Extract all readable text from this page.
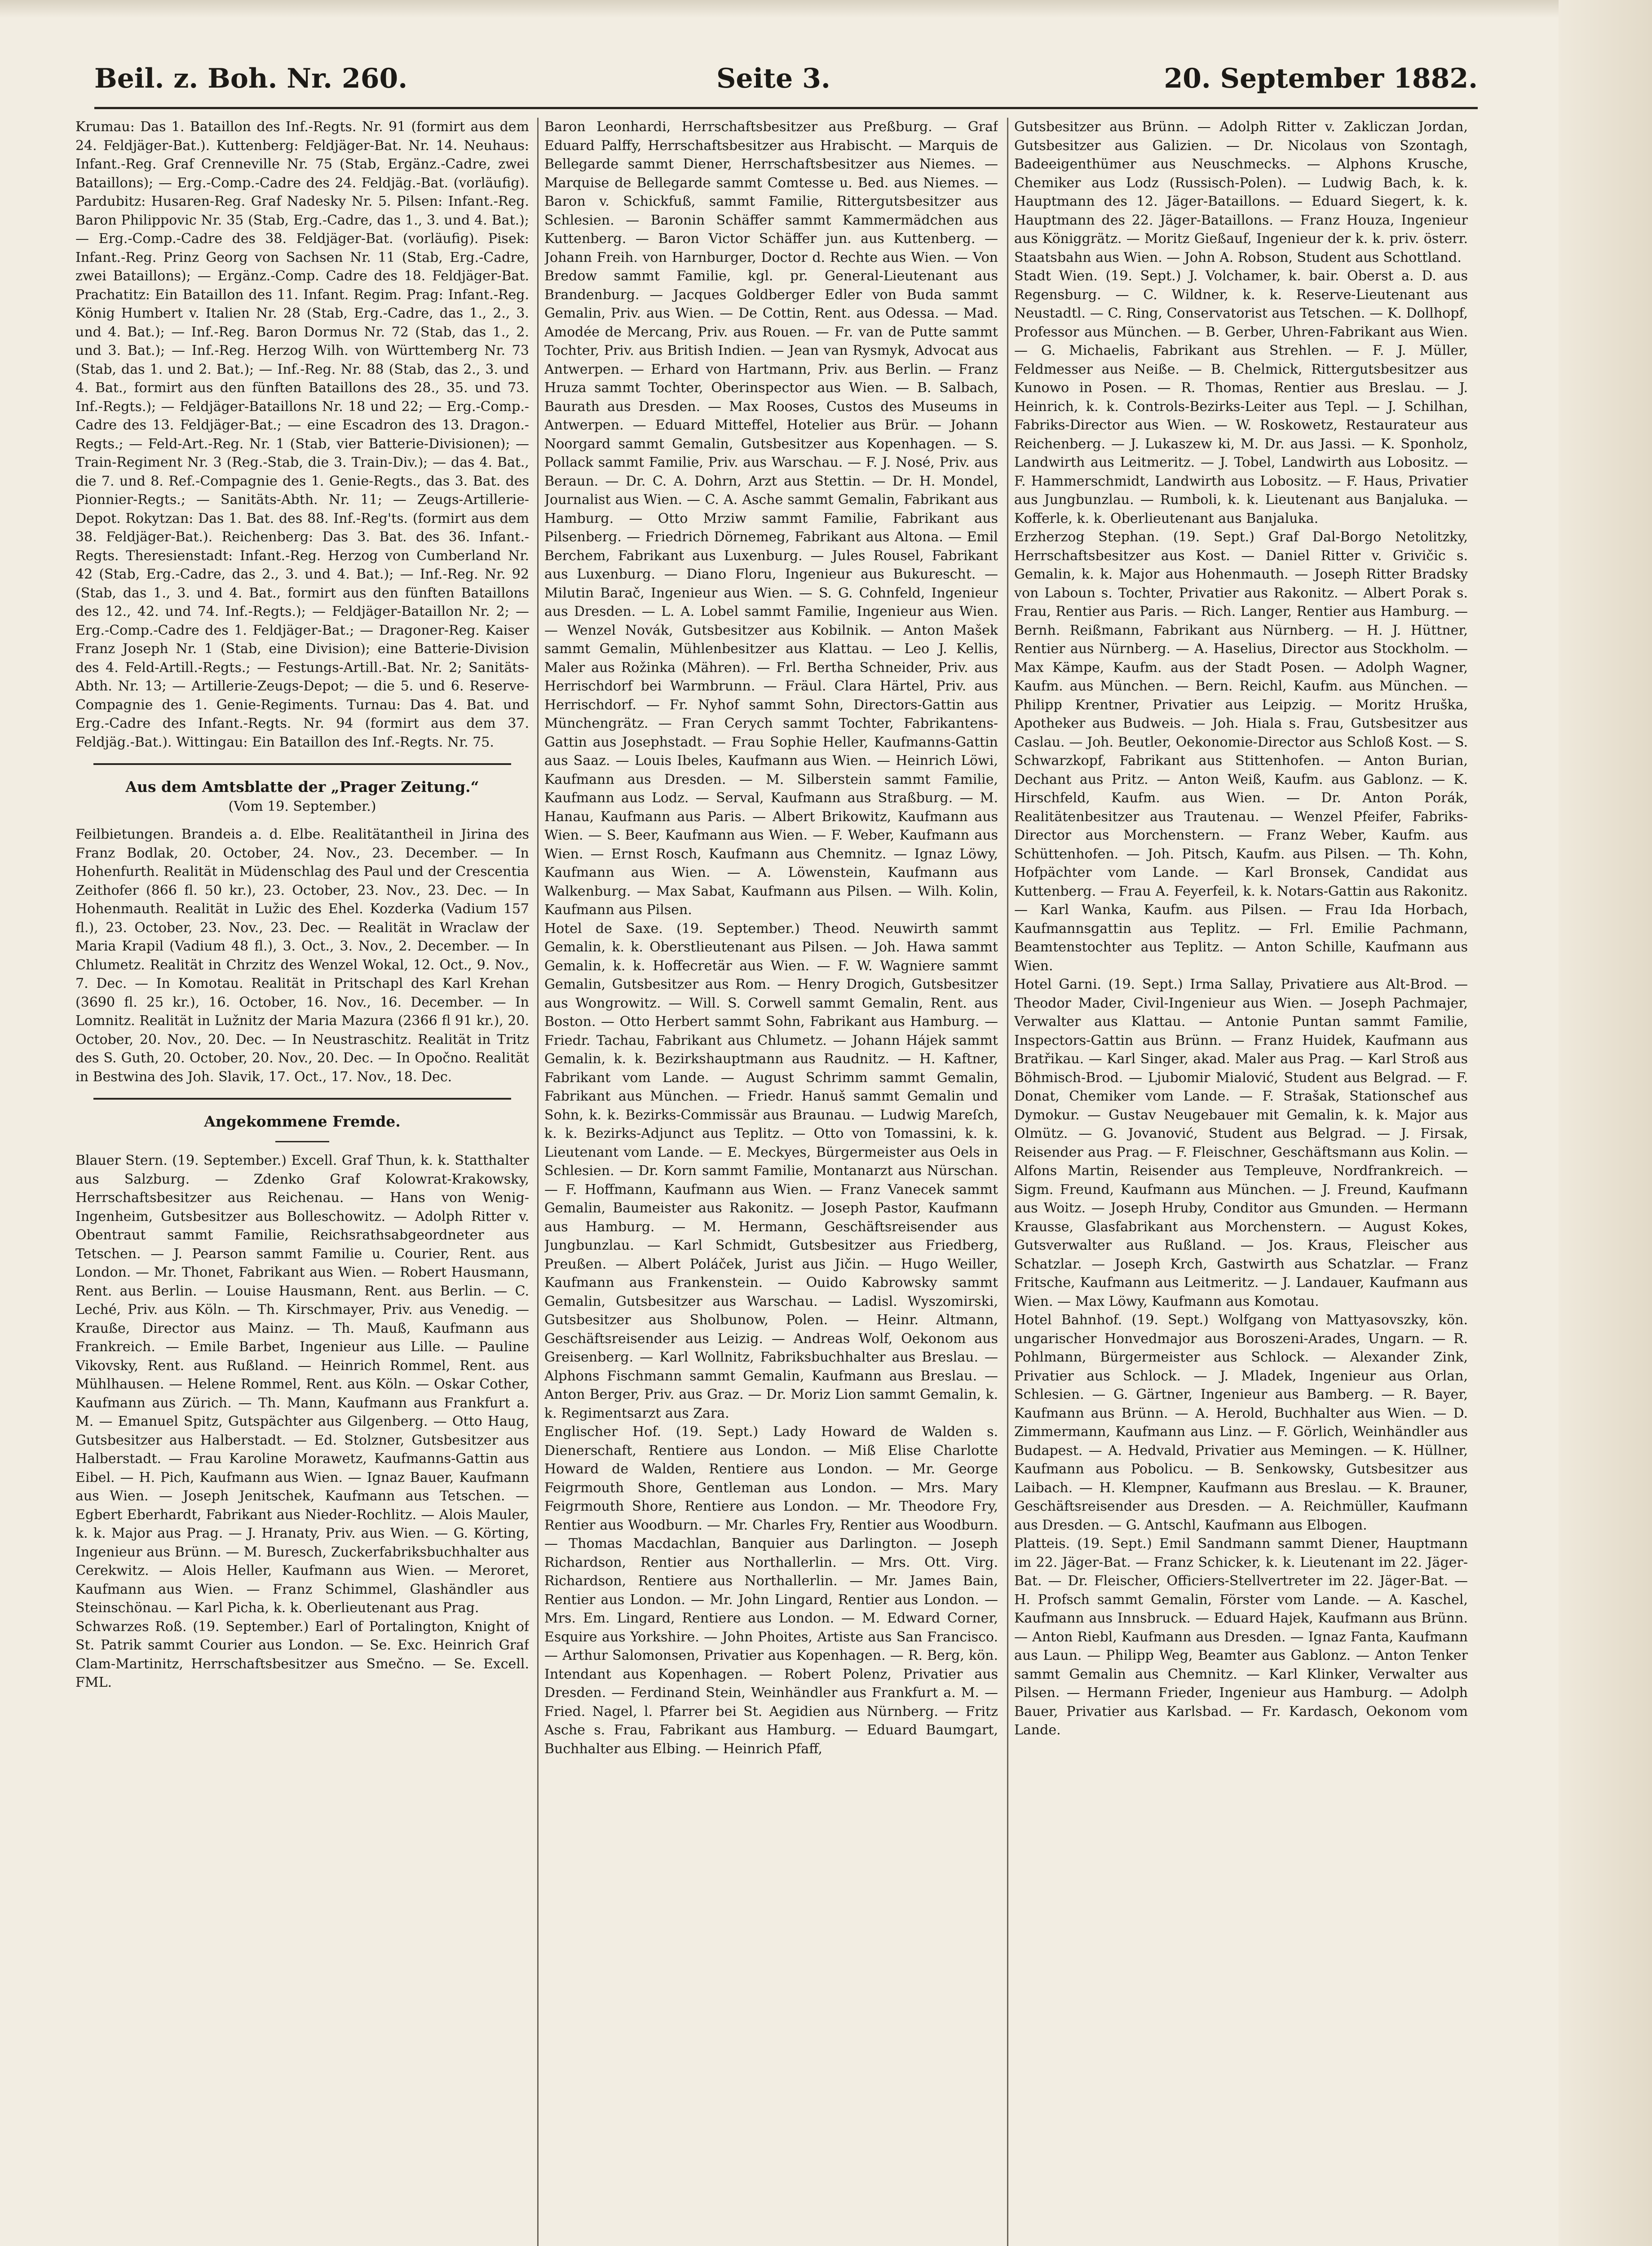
Beil. z. Boh. Nr. 260.	Seite 3.	20. September 1882.

Krumau: Das 1. Bataillon des Inf.-Regts. Nr. 91 (formirt aus dem 24. Feldjäger-Bat.). Kuttenberg: Feldjäger-Bat. Nr. 14. Neuhaus: Infant.-Reg. Graf Crenneville Nr. 75 (Stab, Ergänz.-Cadre, zwei Bataillons); — Erg.-Comp.-Cadre des 24. Feldjäg.-Bat. (vorläufig). Pardubitz: Husaren-Reg. Graf Nadesky Nr. 5. Pilsen: Infant.-Reg. Baron Philippovic Nr. 35 (Stab, Erg.-Cadre, das 1., 3. und 4. Bat.); — Erg.-Comp.-Cadre des 38. Feldjäger-Bat. (vorläufig). Pisek: Infant.-Reg. Prinz Georg von Sachsen Nr. 11 (Stab, Erg.-Cadre, zwei Bataillons); — Ergänz.-Comp. Cadre des 18. Feldjäger-Bat. Prachatitz: Ein Bataillon des 11. Infant. Regim. Prag: Infant.-Reg. König Humbert v. Italien Nr. 28 (Stab, Erg.-Cadre, das 1., 2., 3. und 4. Bat.); — Inf.-Reg. Baron Dormus Nr. 72 (Stab, das 1., 2. und 3. Bat.); — Inf.-Reg. Herzog Wilh. von Württemberg Nr. 73 (Stab, das 1. und 2. Bat.); — Inf.-Reg. Nr. 88 (Stab, das 2., 3. und 4. Bat., formirt aus den fünften Bataillons des 28., 35. und 73. Inf.-Regts.); — Feldjäger-Bataillons Nr. 18 und 22; — Erg.-Comp.-Cadre des 13. Feldjäger-Bat.; — eine Escadron des 13. Dragon.-Regts.; — Feld-Art.-Reg. Nr. 1 (Stab, vier Batterie-Divisionen); — Train-Regiment Nr. 3 (Reg.-Stab, die 3. Train-Div.); — das 4. Bat., die 7. und 8. Ref.-Compagnie des 1. Genie-Regts., das 3. Bat. des Pionnier-Regts.; — Sanitäts-Abth. Nr. 11; — Zeugs-Artillerie-Depot. Rokytzan: Das 1. Bat. des 88. Inf.-Reg'ts. (formirt aus dem 38. Feldjäger-Bat.). Reichenberg: Das 3. Bat. des 36. Infant.-Regts. Theresienstadt: Infant.-Reg. Herzog von Cumberland Nr. 42 (Stab, Erg.-Cadre, das 2., 3. und 4. Bat.); — Inf.-Reg. Nr. 92 (Stab, das 1., 3. und 4. Bat., formirt aus den fünften Bataillons des 12., 42. und 74. Inf.-Regts.); — Feldjäger-Bataillon Nr. 2; — Erg.-Comp.-Cadre des 1. Feldjäger-Bat.; — Dragoner-Reg. Kaiser Franz Joseph Nr. 1 (Stab, eine Division); eine Batterie-Division des 4. Feld-Artill.-Regts.; — Festungs-Artill.-Bat. Nr. 2; Sanitäts-Abth. Nr. 13; — Artillerie-Zeugs-Depot; — die 5. und 6. Reserve-Compagnie des 1. Genie-Regiments. Turnau: Das 4. Bat. und Erg.-Cadre des Infant.-Regts. Nr. 94 (formirt aus dem 37. Feldjäg.-Bat.). Wittingau: Ein Bataillon des Inf.-Regts. Nr. 75.

Aus dem Amtsblatte der „Prager Zeitung.“

(Vom 19. September.)

Feilbietungen. Brandeis a. d. Elbe. Realitätantheil in Jirina des Franz Bodlak, 20. October, 24. Nov., 23. December. — In Hohenfurth. Realität in Müdenschlag des Paul und der Crescentia Zeithofer (866 fl. 50 kr.), 23. October, 23. Nov., 23. Dec. — In Hohenmauth. Realität in Lužic des Ehel. Kozderka (Vadium 157 fl.), 23. October, 23. Nov., 23. Dec. — Realität in Wraclaw der Maria Krapil (Vadium 48 fl.), 3. Oct., 3. Nov., 2. December. — In Chlumetz. Realität in Chrzitz des Wenzel Wokal, 12. Oct., 9. Nov., 7. Dec. — In Komotau. Realität in Pritschapl des Karl Krehan (3690 fl. 25 kr.), 16. October, 16. Nov., 16. December. — In Lomnitz. Realität in Lužnitz der Maria Mazura (2366 fl 91 kr.), 20. October, 20. Nov., 20. Dec. — In Neustraschitz. Realität in Tritz des S. Guth, 20. October, 20. Nov., 20. Dec. — In Opočno. Realität in Bestwina des Joh. Slavik, 17. Oct., 17. Nov., 18. Dec.

Angekommene Fremde.

Blauer Stern. (19. September.) Excell. Graf Thun, k. k. Statthalter aus Salzburg. — Zdenko Graf Kolowrat-Krakowsky, Herrschaftsbesitzer aus Reichenau. — Hans von Wenig-Ingenheim, Gutsbesitzer aus Bolleschowitz. — Adolph Ritter v. Obentraut sammt Familie, Reichsrathsabgeordneter aus Tetschen. — J. Pearson sammt Familie u. Courier, Rent. aus London. — Mr. Thonet, Fabrikant aus Wien. — Robert Hausmann, Rent. aus Berlin. — Louise Hausmann, Rent. aus Berlin. — C. Leché, Priv. aus Köln. — Th. Kirschmayer, Priv. aus Venedig. — Krauße, Director aus Mainz. — Th. Mauß, Kaufmann aus Frankreich. — Emile Barbet, Ingenieur aus Lille. — Pauline Vikovsky, Rent. aus Rußland. — Heinrich Rommel, Rent. aus Mühlhausen. — Helene Rommel, Rent. aus Köln. — Oskar Cother, Kaufmann aus Zürich. — Th. Mann, Kaufmann aus Frankfurt a. M. — Emanuel Spitz, Gutspächter aus Gilgenberg. — Otto Haug, Gutsbesitzer aus Halberstadt. — Ed. Stolzner, Gutsbesitzer aus Halberstadt. — Frau Karoline Morawetz, Kaufmanns-Gattin aus Eibel. — H. Pich, Kaufmann aus Wien. — Ignaz Bauer, Kaufmann aus Wien. — Joseph Jenitschek, Kaufmann aus Tetschen. — Egbert Eberhardt, Fabrikant aus Nieder-Rochlitz. — Alois Mauler, k. k. Major aus Prag. — J. Hranaty, Priv. aus Wien. — G. Körting, Ingenieur aus Brünn. — M. Buresch, Zuckerfabriksbuchhalter aus Cerekwitz. — Alois Heller, Kaufmann aus Wien. — Meroret, Kaufmann aus Wien. — Franz Schimmel, Glashändler aus Steinschönau. — Karl Picha, k. k. Oberlieutenant aus Prag.

Schwarzes Roß. (19. September.) Earl of Portalington, Knight of St. Patrik sammt Courier aus London. — Se. Exc. Heinrich Graf Clam-Martinitz, Herrschaftsbesitzer aus Smečno. — Se. Excell. FML.

Baron Leonhardi, Herrschaftsbesitzer aus Preßburg. — Graf Eduard Palffy, Herrschaftsbesitzer aus Hrabischt. — Marquis de Bellegarde sammt Diener, Herrschaftsbesitzer aus Niemes. — Marquise de Bellegarde sammt Comtesse u. Bed. aus Niemes. — Baron v. Schickfuß, sammt Familie, Rittergutsbesitzer aus Schlesien. — Baronin Schäffer sammt Kammermädchen aus Kuttenberg. — Baron Victor Schäffer jun. aus Kuttenberg. — Johann Freih. von Harnburger, Doctor d. Rechte aus Wien. — Von Bredow sammt Familie, kgl. pr. General-Lieutenant aus Brandenburg. — Jacques Goldberger Edler von Buda sammt Gemalin, Priv. aus Wien. — De Cottin, Rent. aus Odessa. — Mad. Amodée de Mercang, Priv. aus Rouen. — Fr. van de Putte sammt Tochter, Priv. aus British Indien. — Jean van Rysmyk, Advocat aus Antwerpen. — Erhard von Hartmann, Priv. aus Berlin. — Franz Hruza sammt Tochter, Oberinspector aus Wien. — B. Salbach, Baurath aus Dresden. — Max Rooses, Custos des Museums in Antwerpen. — Eduard Mitteffel, Hotelier aus Brür. — Johann Noorgard sammt Gemalin, Gutsbesitzer aus Kopenhagen. — S. Pollack sammt Familie, Priv. aus Warschau. — F. J. Nosé, Priv. aus Beraun. — Dr. C. A. Dohrn, Arzt aus Stettin. — Dr. H. Mondel, Journalist aus Wien. — C. A. Asche sammt Gemalin, Fabrikant aus Hamburg. — Otto Mrziw sammt Familie, Fabrikant aus Pilsenberg. — Friedrich Dörnemeg, Fabrikant aus Altona. — Emil Berchem, Fabrikant aus Luxenburg. — Jules Rousel, Fabrikant aus Luxenburg. — Diano Floru, Ingenieur aus Bukurescht. — Milutin Barač, Ingenieur aus Wien. — S. G. Cohnfeld, Ingenieur aus Dresden. — L. A. Lobel sammt Familie, Ingenieur aus Wien. — Wenzel Novák, Gutsbesitzer aus Kobilnik. — Anton Mašek sammt Gemalin, Mühlenbesitzer aus Klattau. — Leo J. Kellis, Maler aus Rožinka (Mähren). — Frl. Bertha Schneider, Priv. aus Herrischdorf bei Warmbrunn. — Fräul. Clara Härtel, Priv. aus Herrischdorf. — Fr. Nyhof sammt Sohn, Directors-Gattin aus Münchengrätz. — Fran Cerych sammt Tochter, Fabrikantens-Gattin aus Josephstadt. — Frau Sophie Heller, Kaufmanns-Gattin aus Saaz. — Louis Ibeles, Kaufmann aus Wien. — Heinrich Löwi, Kaufmann aus Dresden. — M. Silberstein sammt Familie, Kaufmann aus Lodz. — Serval, Kaufmann aus Straßburg. — M. Hanau, Kaufmann aus Paris. — Albert Brikowitz, Kaufmann aus Wien. — S. Beer, Kaufmann aus Wien. — F. Weber, Kaufmann aus Wien. — Ernst Rosch, Kaufmann aus Chemnitz. — Ignaz Löwy, Kaufmann aus Wien. — A. Löwenstein, Kaufmann aus Walkenburg. — Max Sabat, Kaufmann aus Pilsen. — Wilh. Kolin, Kaufmann aus Pilsen.

Hotel de Saxe. (19. September.) Theod. Neuwirth sammt Gemalin, k. k. Oberstlieutenant aus Pilsen. — Joh. Hawa sammt Gemalin, k. k. Hoffecretär aus Wien. — F. W. Wagniere sammt Gemalin, Gutsbesitzer aus Rom. — Henry Drogich, Gutsbesitzer aus Wongrowitz. — Will. S. Corwell sammt Gemalin, Rent. aus Boston. — Otto Herbert sammt Sohn, Fabrikant aus Hamburg. — Friedr. Tachau, Fabrikant aus Chlumetz. — Johann Hájek sammt Gemalin, k. k. Bezirkshauptmann aus Raudnitz. — H. Kaftner, Fabrikant vom Lande. — August Schrimm sammt Gemalin, Fabrikant aus München. — Friedr. Hanuš sammt Gemalin und Sohn, k. k. Bezirks-Commissär aus Braunau. — Ludwig Mareſch, k. k. Bezirks-Adjunct aus Teplitz. — Otto von Tomassini, k. k. Lieutenant vom Lande. — E. Meckyes, Bürgermeister aus Oels in Schlesien. — Dr. Korn sammt Familie, Montanarzt aus Nürschan. — F. Hoffmann, Kaufmann aus Wien. — Franz Vanecek sammt Gemalin, Baumeister aus Rakonitz. — Joseph Pastor, Kaufmann aus Hamburg. — M. Hermann, Geschäftsreisender aus Jungbunzlau. — Karl Schmidt, Gutsbesitzer aus Friedberg, Preußen. — Albert Poláček, Jurist aus Jičin. — Hugo Weiller, Kaufmann aus Frankenstein. — Ouido Kabrowsky sammt Gemalin, Gutsbesitzer aus Warschau. — Ladisl. Wyszomirski, Gutsbesitzer aus Sholbunow, Polen. — Heinr. Altmann, Geschäftsreisender aus Leizig. — Andreas Wolf, Oekonom aus Greisenberg. — Karl Wollnitz, Fabriksbuchhalter aus Breslau. — Alphons Fischmann sammt Gemalin, Kaufmann aus Breslau. — Anton Berger, Priv. aus Graz. — Dr. Moriz Lion sammt Gemalin, k. k. Regimentsarzt aus Zara.

Englischer Hof. (19. Sept.) Lady Howard de Walden s. Dienerschaft, Rentiere aus London. — Miß Elise Charlotte Howard de Walden, Rentiere aus London. — Mr. George Feigrmouth Shore, Gentleman aus London. — Mrs. Mary Feigrmouth Shore, Rentiere aus London. — Mr. Theodore Fry, Rentier aus Woodburn. — Mr. Charles Fry, Rentier aus Woodburn. — Thomas Macdachlan, Banquier aus Darlington. — Joseph Richardson, Rentier aus Northallerlin. — Mrs. Ott. Virg. Richardson, Rentiere aus Northallerlin. — Mr. James Bain, Rentier aus London. — Mr. John Lingard, Rentier aus London. — Mrs. Em. Lingard, Rentiere aus London. — M. Edward Corner, Esquire aus Yorkshire. — John Phoites, Artiste aus San Francisco. — Arthur Salomonsen, Privatier aus Kopenhagen. — R. Berg, kön. Intendant aus Kopenhagen. — Robert Polenz, Privatier aus Dresden. — Ferdinand Stein, Weinhändler aus Frankfurt a. M. — Fried. Nagel, l. Pfarrer bei St. Aegidien aus Nürnberg. — Fritz Asche s. Frau, Fabrikant aus Hamburg. — Eduard Baumgart, Buchhalter aus Elbing. — Heinrich Pfaff,

Gutsbesitzer aus Brünn. — Adolph Ritter v. Zakliczan Jordan, Gutsbesitzer aus Galizien. — Dr. Nicolaus von Szontagh, Badeeigenthümer aus Neuschmecks. — Alphons Krusche, Chemiker aus Lodz (Russisch-Polen). — Ludwig Bach, k. k. Hauptmann des 12. Jäger-Bataillons. — Eduard Siegert, k. k. Hauptmann des 22. Jäger-Bataillons. — Franz Houza, Ingenieur aus Königgrätz. — Moritz Gießauf, Ingenieur der k. k. priv. österr. Staatsbahn aus Wien. — John A. Robson, Student aus Schottland.

Stadt Wien. (19. Sept.) J. Volchamer, k. bair. Oberst a. D. aus Regensburg. — C. Wildner, k. k. Reserve-Lieutenant aus Neustadtl. — C. Ring, Conservatorist aus Tetschen. — K. Dollhopf, Professor aus München. — B. Gerber, Uhren-Fabrikant aus Wien. — G. Michaelis, Fabrikant aus Strehlen. — F. J. Müller, Feldmesser aus Neiße. — B. Chelmick, Rittergutsbesitzer aus Kunowo in Posen. — R. Thomas, Rentier aus Breslau. — J. Heinrich, k. k. Controls-Bezirks-Leiter aus Tepl. — J. Schilhan, Fabriks-Director aus Wien. — W. Roskowetz, Restaurateur aus Reichenberg. — J. Lukaszew ki, M. Dr. aus Jassi. — K. Sponholz, Landwirth aus Leitmeritz. — J. Tobel, Landwirth aus Lobositz. — F. Hammerschmidt, Landwirth aus Lobositz. — F. Haus, Privatier aus Jungbunzlau. — Rumboli, k. k. Lieutenant aus Banjaluka. — Kofferle, k. k. Oberlieutenant aus Banjaluka.

Erzherzog Stephan. (19. Sept.) Graf Dal-Borgo Netolitzky, Herrschaftsbesitzer aus Kost. — Daniel Ritter v. Grivičic s. Gemalin, k. k. Major aus Hohenmauth. — Joseph Ritter Bradsky von Laboun s. Tochter, Privatier aus Rakonitz. — Albert Porak s. Frau, Rentier aus Paris. — Rich. Langer, Rentier aus Hamburg. — Bernh. Reißmann, Fabrikant aus Nürnberg. — H. J. Hüttner, Rentier aus Nürnberg. — A. Haselius, Director aus Stockholm. — Max Kämpe, Kaufm. aus der Stadt Posen. — Adolph Wagner, Kaufm. aus München. — Bern. Reichl, Kaufm. aus München. — Philipp Krentner, Privatier aus Leipzig. — Moritz Hruška, Apotheker aus Budweis. — Joh. Hiala s. Frau, Gutsbesitzer aus Caslau. — Joh. Beutler, Oekonomie-Director aus Schloß Kost. — S. Schwarzkopf, Fabrikant aus Stittenhofen. — Anton Burian, Dechant aus Pritz. — Anton Weiß, Kaufm. aus Gablonz. — K. Hirschfeld, Kaufm. aus Wien. — Dr. Anton Porák, Realitätenbesitzer aus Trautenau. — Wenzel Pfeifer, Fabriks-Director aus Morchenstern. — Franz Weber, Kaufm. aus Schüttenhofen. — Joh. Pitsch, Kaufm. aus Pilsen. — Th. Kohn, Hofpächter vom Lande. — Karl Bronsek, Candidat aus Kuttenberg. — Frau A. Feyerfeil, k. k. Notars-Gattin aus Rakonitz. — Karl Wanka, Kaufm. aus Pilsen. — Frau Ida Horbach, Kaufmannsgattin aus Teplitz. — Frl. Emilie Pachmann, Beamtenstochter aus Teplitz. — Anton Schille, Kaufmann aus Wien.

Hotel Garni. (19. Sept.) Irma Sallay, Privatiere aus Alt-Brod. — Theodor Mader, Civil-Ingenieur aus Wien. — Joseph Pachmajer, Verwalter aus Klattau. — Antonie Puntan sammt Familie, Inspectors-Gattin aus Brünn. — Franz Huidek, Kaufmann aus Bratřikau. — Karl Singer, akad. Maler aus Prag. — Karl Stroß aus Böhmisch-Brod. — Ljubomir Mialović, Student aus Belgrad. — F. Donat, Chemiker vom Lande. — F. Strašak, Stationschef aus Dymokur. — Gustav Neugebauer mit Gemalin, k. k. Major aus Olmütz. — G. Jovanović, Student aus Belgrad. — J. Firsak, Reisender aus Prag. — F. Fleischner, Geschäftsmann aus Kolin. — Alfons Martin, Reisender aus Templeuve, Nordfrankreich. — Sigm. Freund, Kaufmann aus München. — J. Freund, Kaufmann aus Woitz. — Joseph Hruby, Conditor aus Gmunden. — Hermann Krausse, Glasfabrikant aus Morchenstern. — August Kokes, Gutsverwalter aus Rußland. — Jos. Kraus, Fleischer aus Schatzlar. — Joseph Krch, Gastwirth aus Schatzlar. — Franz Fritsche, Kaufmann aus Leitmeritz. — J. Landauer, Kaufmann aus Wien. — Max Löwy, Kaufmann aus Komotau.

Hotel Bahnhof. (19. Sept.) Wolfgang von Mattyasovszky, kön. ungarischer Honvedmajor aus Boroszeni-Arades, Ungarn. — R. Pohlmann, Bürgermeister aus Schlock. — Alexander Zink, Privatier aus Schlock. — J. Mladek, Ingenieur aus Orlan, Schlesien. — G. Gärtner, Ingenieur aus Bamberg. — R. Bayer, Kaufmann aus Brünn. — A. Herold, Buchhalter aus Wien. — D. Zimmermann, Kaufmann aus Linz. — F. Görlich, Weinhändler aus Budapest. — A. Hedvald, Privatier aus Memingen. — K. Hüllner, Kaufmann aus Pobolicu. — B. Senkowsky, Gutsbesitzer aus Laibach. — H. Klempner, Kaufmann aus Breslau. — K. Brauner, Geschäftsreisender aus Dresden. — A. Reichmüller, Kaufmann aus Dresden. — G. Antschl, Kaufmann aus Elbogen.

Platteis. (19. Sept.) Emil Sandmann sammt Diener, Hauptmann im 22. Jäger-Bat. — Franz Schicker, k. k. Lieutenant im 22. Jäger-Bat. — Dr. Fleischer, Officiers-Stellvertreter im 22. Jäger-Bat. — H. Profsch sammt Gemalin, Förster vom Lande. — A. Kaschel, Kaufmann aus Innsbruck. — Eduard Hajek, Kaufmann aus Brünn. — Anton Riebl, Kaufmann aus Dresden. — Ignaz Fanta, Kaufmann aus Laun. — Philipp Weg, Beamter aus Gablonz. — Anton Tenker sammt Gemalin aus Chemnitz. — Karl Klinker, Verwalter aus Pilsen. — Hermann Frieder, Ingenieur aus Hamburg. — Adolph Bauer, Privatier aus Karlsbad. — Fr. Kardasch, Oekonom vom Lande.
